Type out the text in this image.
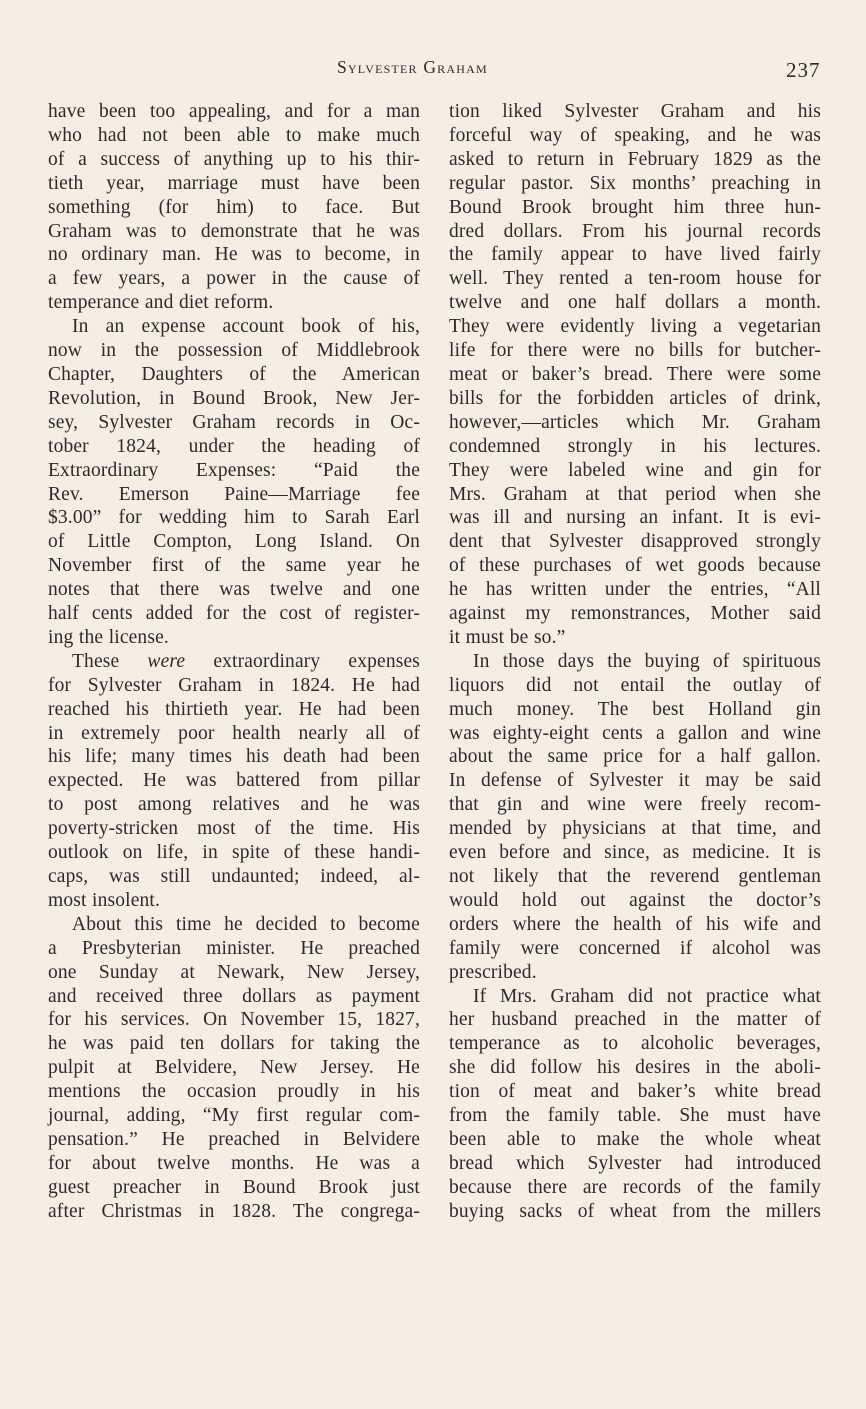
Sylvester Graham	237
have been too appealing, and for a man
who had not been able to make much
of a success of anything up to his thir-
tieth year, marriage must have been
something (for him) to face. But
Graham was to demonstrate that he was
no ordinary man. He was to become, in
a few years, a power in the cause of
temperance and diet reform.
In an expense account book of his,
now in the possession of Middlebrook
Chapter, Daughters of the American
Revolution, in Bound Brook, New Jer-
sey, Sylvester Graham records in Oc-
tober 1824, under the heading of
Extraordinary Expenses: “Paid the
Rev. Emerson Paine—Marriage fee
$3.00” for wedding him to Sarah Earl
of Little Compton, Long Island. On
November first of the same year he
notes that there was twelve and one
half cents added for the cost of register-
ing the license.
These were extraordinary expenses
for Sylvester Graham in 1824. He had
reached his thirtieth year. He had been
in extremely poor health nearly all of
his life; many times his death had been
expected. He was battered from pillar
to post among relatives and he was
poverty-stricken most of the time. His
outlook on life, in spite of these handi-
caps, was still undaunted; indeed, al-
most insolent.
About this time he decided to become
a Presbyterian minister. He preached
one Sunday at Newark, New Jersey,
and received three dollars as payment
for his services. On November 15, 1827,
he was paid ten dollars for taking the
pulpit at Belvidere, New Jersey. He
mentions the occasion proudly in his
journal, adding, “My first regular com-
pensation.” He preached in Belvidere
for about twelve months. He was a
guest preacher in Bound Brook just
after Christmas in 1828. The congrega-
tion liked Sylvester Graham and his
forceful way of speaking, and he was
asked to return in February 1829 as the
regular pastor. Six months’ preaching in
Bound Brook brought him three hun-
dred dollars. From his journal records
the family appear to have lived fairly
well. They rented a ten-room house for
twelve and one half dollars a month.
They were evidently living a vegetarian
life for there were no bills for butcher-
meat or baker’s bread. There were some
bills for the forbidden articles of drink,
however,—articles which Mr. Graham
condemned strongly in his lectures.
They were labeled wine and gin for
Mrs. Graham at that period when she
was ill and nursing an infant. It is evi-
dent that Sylvester disapproved strongly
of these purchases of wet goods because
he has written under the entries, “All
against my remonstrances, Mother said
it must be so.”
In those days the buying of spirituous
liquors did not entail the outlay of
much money. The best Holland gin
was eighty-eight cents a gallon and wine
about the same price for a half gallon.
In defense of Sylvester it may be said
that gin and wine were freely recom-
mended by physicians at that time, and
even before and since, as medicine. It is
not likely that the reverend gentleman
would hold out against the doctor’s
orders where the health of his wife and
family were concerned if alcohol was
prescribed.
If Mrs. Graham did not practice what
her husband preached in the matter of
temperance as to alcoholic beverages,
she did follow his desires in the aboli-
tion of meat and baker’s white bread
from the family table. She must have
been able to make the whole wheat
bread which Sylvester had introduced
because there are records of the family
buying sacks of wheat from the millers
